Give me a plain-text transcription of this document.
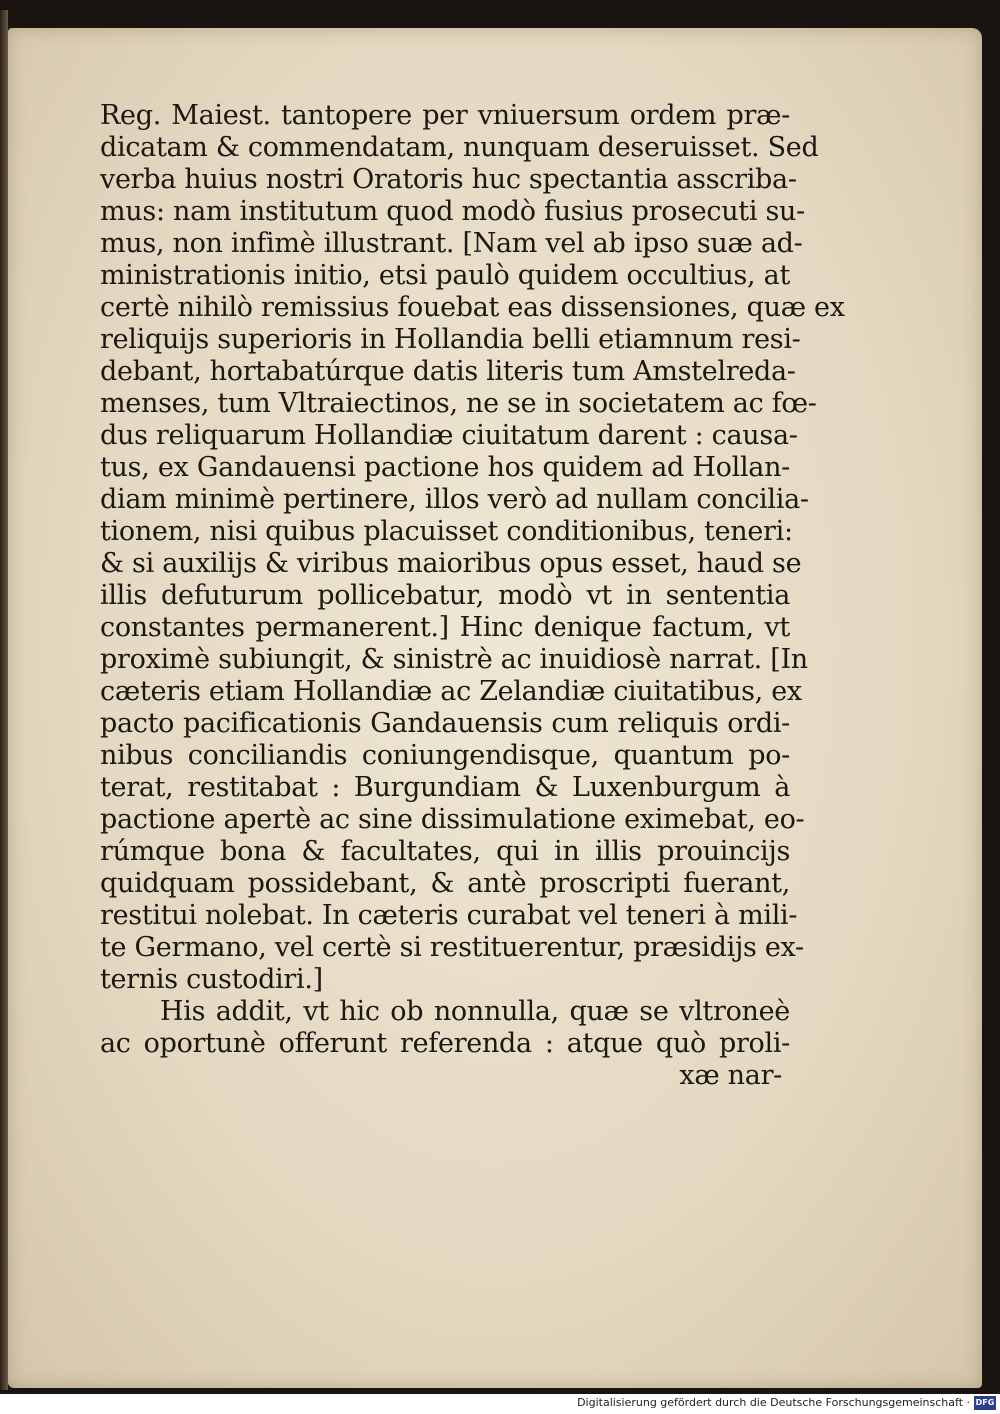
Reg. Maiest. tantopere per vniuersum ordem præ-
dicatam & commendatam, nunquam deseruisset. Sed
verba huius nostri Oratoris huc spectantia asscriba-
mus: nam institutum quod modò fusius prosecuti su-
mus, non infimè illustrant. [Nam vel ab ipso suæ ad-
ministrationis initio, etsi paulò quidem occultius, at
certè nihilò remissius fouebat eas dissensiones, quæ ex
reliquijs superioris in Hollandia belli etiamnum resi-
debant, hortabatúrque datis literis tum Amstelreda-
menses, tum Vltraiectinos, ne se in societatem ac fœ-
dus reliquarum Hollandiæ ciuitatum darent : causa-
tus, ex Gandauensi pactione hos quidem ad Hollan-
diam minimè pertinere, illos verò ad nullam concilia-
tionem, nisi quibus placuisset conditionibus, teneri:
& si auxilijs & viribus maioribus opus esset, haud se
illis defuturum pollicebatur, modò vt in sententia
constantes permanerent.] Hinc denique factum, vt
proximè subiungit, & sinistrè ac inuidiosè narrat. [In
cæteris etiam Hollandiæ ac Zelandiæ ciuitatibus, ex
pacto pacificationis Gandauensis cum reliquis ordi-
nibus conciliandis coniungendisque, quantum po-
terat, restitabat : Burgundiam & Luxenburgum à
pactione apertè ac sine dissimulatione eximebat, eo-
rúmque bona & facultates, qui in illis prouincijs
quidquam possidebant, & antè proscripti fuerant,
restitui nolebat. In cæteris curabat vel teneri à mili-
te Germano, vel certè si restituerentur, præsidijs ex-
ternis custodiri.]
His addit, vt hic ob nonnulla, quæ se vltroneè
ac oportunè offerunt referenda : atque quò proli-
xæ nar-
Digitalisierung gefördert durch die Deutsche Forschungsgemeinschaft · DFG
